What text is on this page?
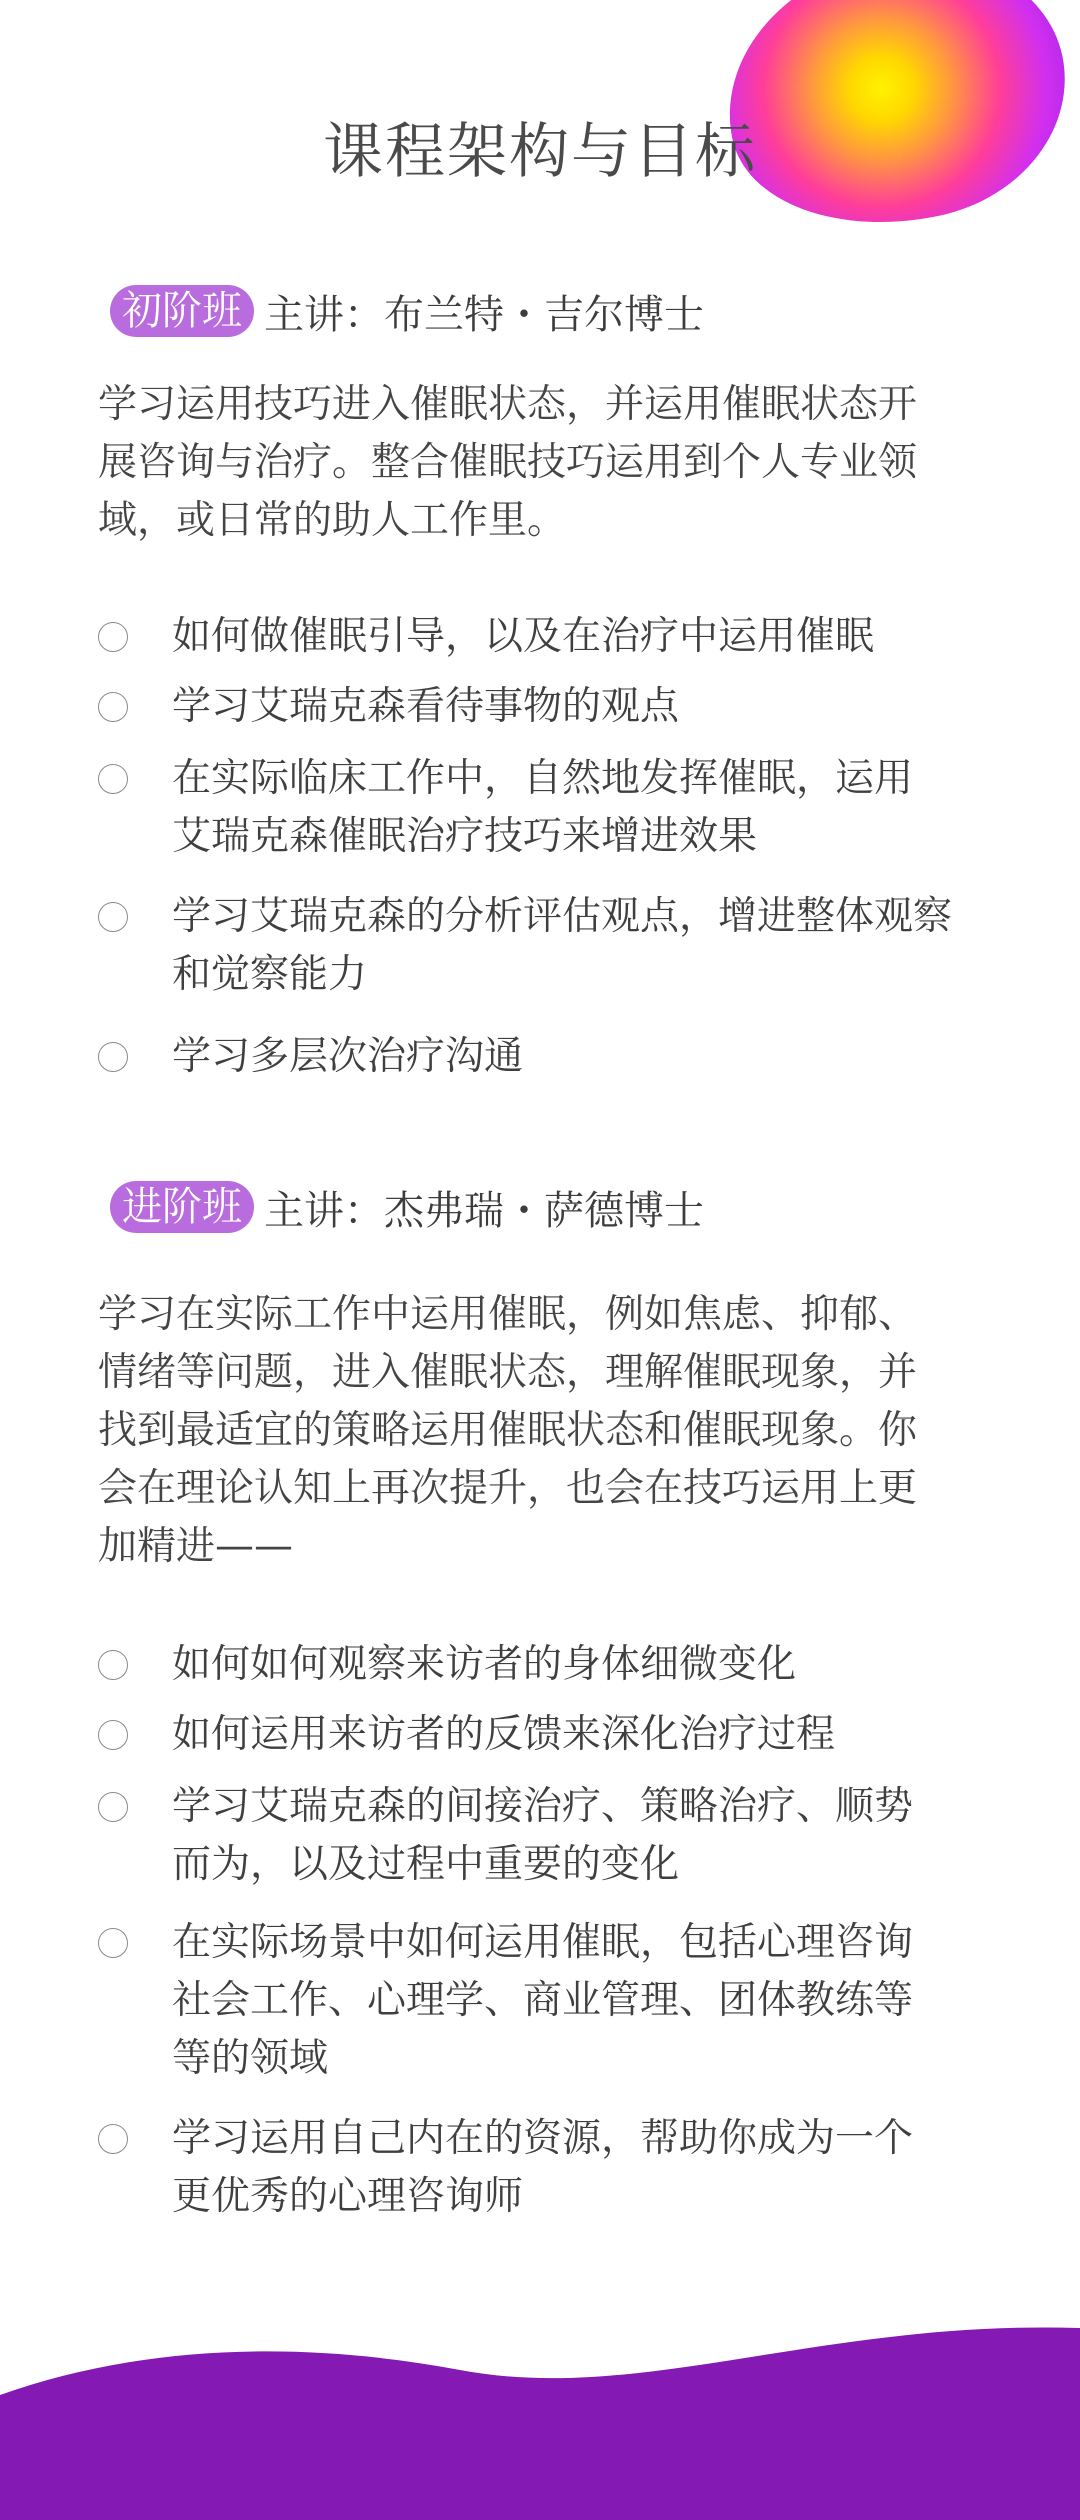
课程架构与目标
初阶班 主讲：布兰特・吉尔博士
学习运用技巧进入催眠状态，并运用催眠状态开
展咨询与治疗。整合催眠技巧运用到个人专业领
域，或日常的助人工作里。
如何做催眠引导，以及在治疗中运用催眠
学习艾瑞克森看待事物的观点
在实际临床工作中，自然地发挥催眠，运用
艾瑞克森催眠治疗技巧来增进效果
学习艾瑞克森的分析评估观点，增进整体观察
和觉察能力
学习多层次治疗沟通
进阶班 主讲：杰弗瑞・萨德博士
学习在实际工作中运用催眠，例如焦虑、抑郁、
情绪等问题，进入催眠状态，理解催眠现象，并
找到最适宜的策略运用催眠状态和催眠现象。你
会在理论认知上再次提升，也会在技巧运用上更
加精进——
如何如何观察来访者的身体细微变化
如何运用来访者的反馈来深化治疗过程
学习艾瑞克森的间接治疗、策略治疗、顺势
而为，以及过程中重要的变化
在实际场景中如何运用催眠，包括心理咨询
社会工作、心理学、商业管理、团体教练等
等的领域
学习运用自己内在的资源，帮助你成为一个
更优秀的心理咨询师
